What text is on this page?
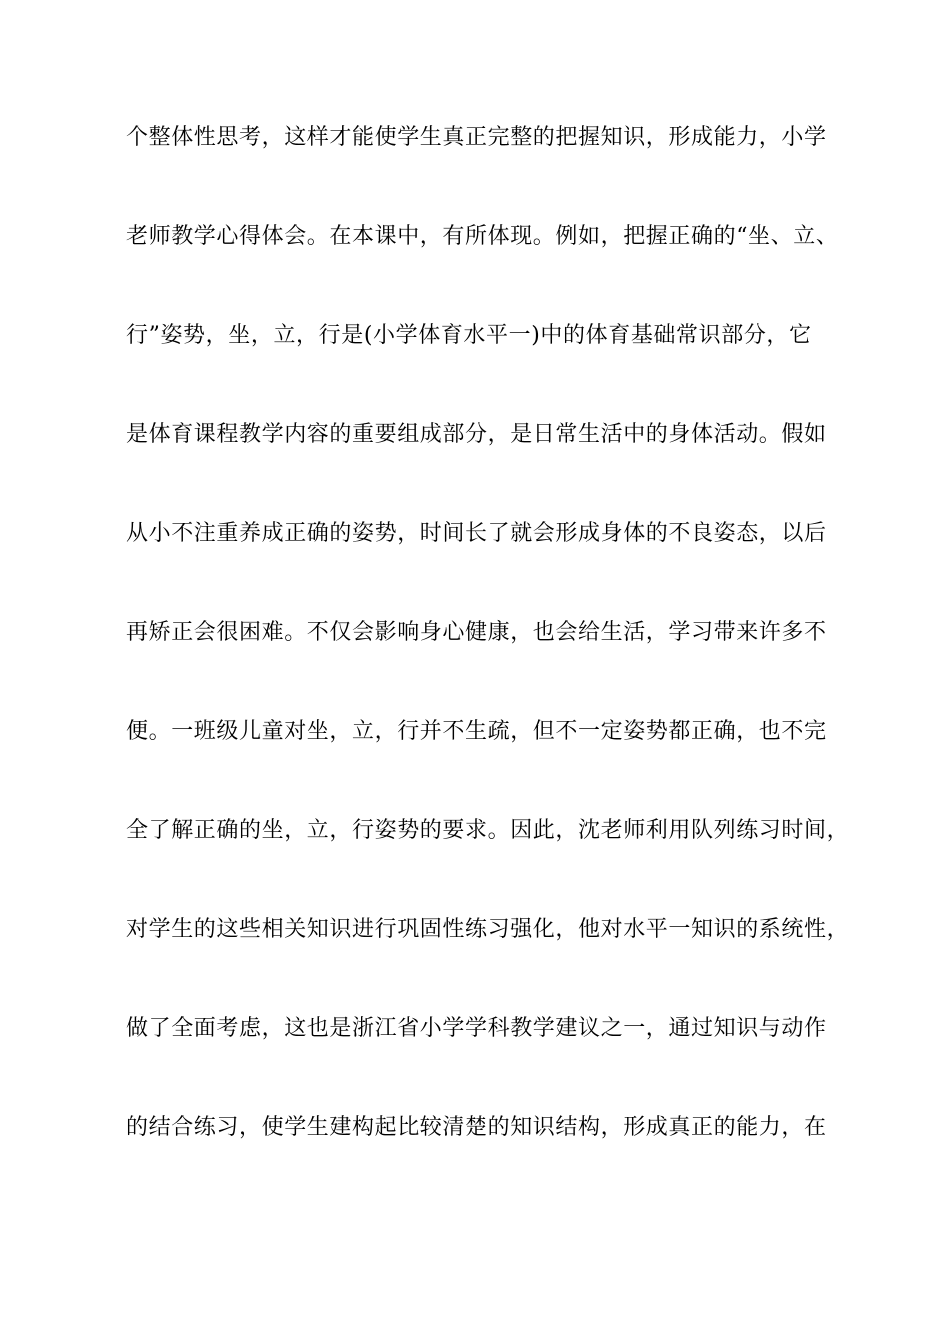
个整体性思考，这样才能使学生真正完整的把握知识，形成能力，小学
老师教学心得体会。在本课中，有所体现。例如，把握正确的“坐、立、
行”姿势，坐，立，行是(小学体育水平一)中的体育基础常识部分，它
是体育课程教学内容的重要组成部分，是日常生活中的身体活动。假如
从小不注重养成正确的姿势，时间长了就会形成身体的不良姿态，以后
再矫正会很困难。不仅会影响身心健康，也会给生活，学习带来许多不
便。一班级儿童对坐，立，行并不生疏，但不一定姿势都正确，也不完
全了解正确的坐，立，行姿势的要求。因此，沈老师利用队列练习时间，
对学生的这些相关知识进行巩固性练习强化，他对水平一知识的系统性，
做了全面考虑，这也是浙江省小学学科教学建议之一，通过知识与动作
的结合练习，使学生建构起比较清楚的知识结构，形成真正的能力，在
